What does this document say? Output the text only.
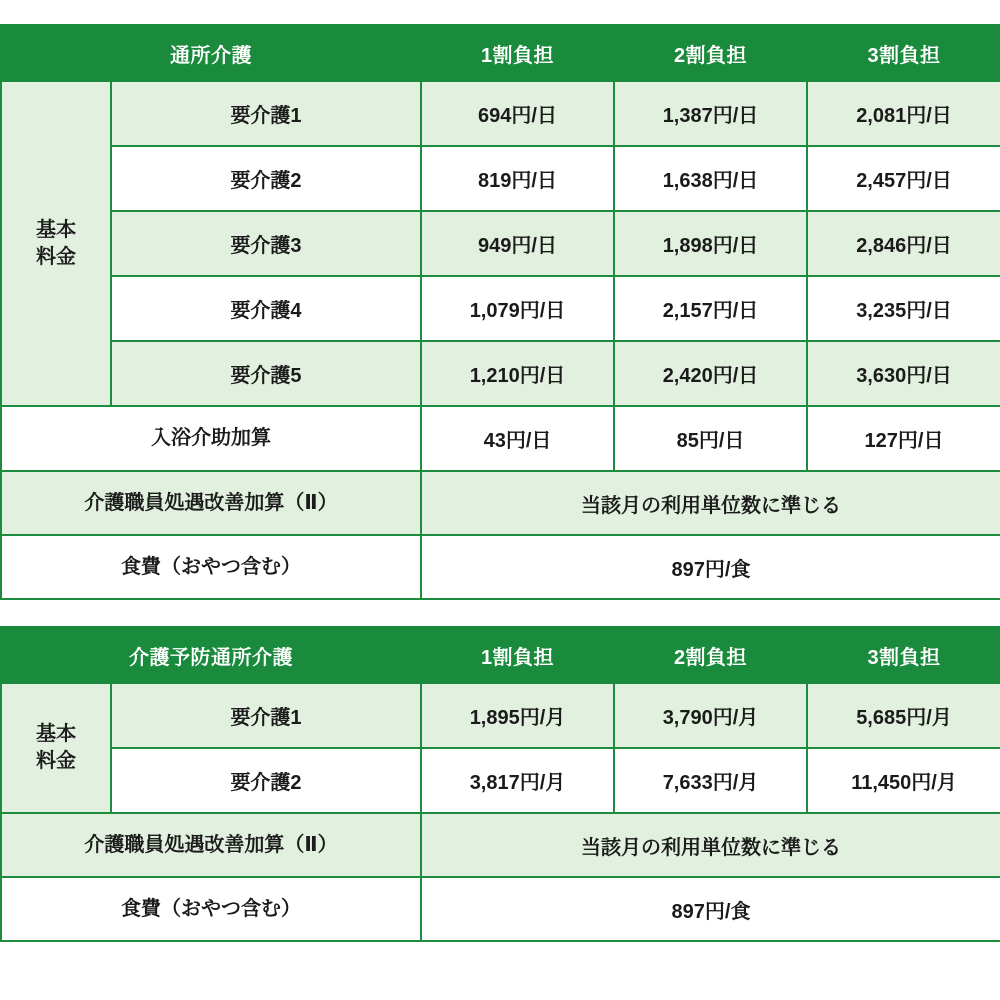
通所介護		1割負担	2割負担	3割負担
基本
料金	要介護1	694円/日	1,387円/日	2,081円/日
	要介護2	819円/日	1,638円/日	2,457円/日
	要介護3	949円/日	1,898円/日	2,846円/日
	要介護4	1,079円/日	2,157円/日	3,235円/日
	要介護5	1,210円/日	2,420円/日	3,630円/日
入浴介助加算		43円/日	85円/日	127円/日
介護職員処遇改善加算（Ⅱ）		当該月の利用単位数に準じる		
食費（おやつ含む）		897円/食		
介護予防通所介護		1割負担	2割負担	3割負担
基本
料金	要介護1	1,895円/月	3,790円/月	5,685円/月
	要介護2	3,817円/月	7,633円/月	11,450円/月
介護職員処遇改善加算（Ⅱ）		当該月の利用単位数に準じる		
食費（おやつ含む）		897円/食		
